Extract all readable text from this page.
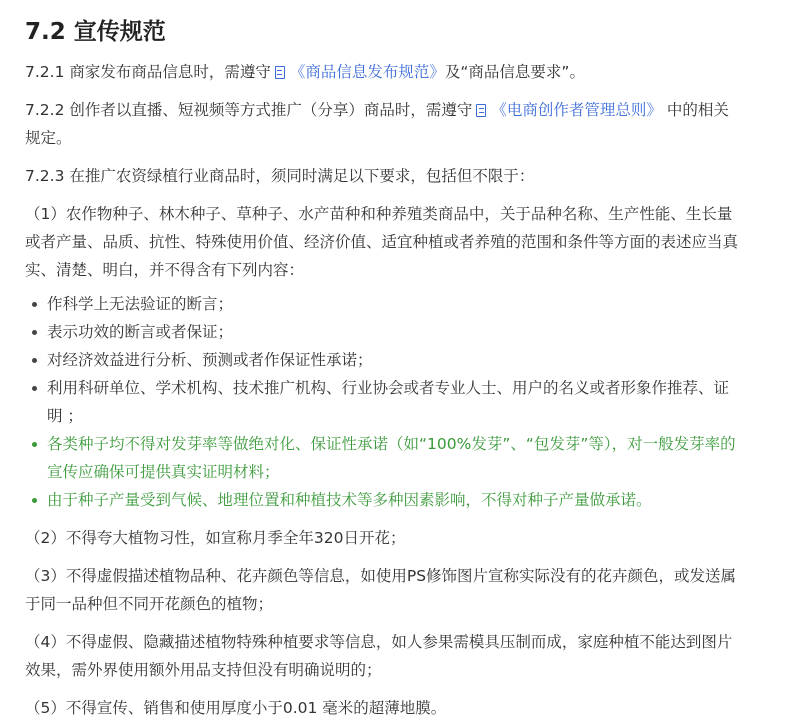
7.2 宣传规范

7.2.1 商家发布商品信息时，需遵守 《商品信息发布规范》及“商品信息要求”。

7.2.2 创作者以直播、短视频等方式推广（分享）商品时，需遵守 《电商创作者管理总则》 中的相关规定。

7.2.3 在推广农资绿植行业商品时，须同时满足以下要求，包括但不限于：

（1）农作物种子、林木种子、草种子、水产苗种和种养殖类商品中，关于品种名称、生产性能、生长量或者产量、品质、抗性、特殊使用价值、经济价值、适宜种植或者养殖的范围和条件等方面的表述应当真实、清楚、明白，并不得含有下列内容：

作科学上无法验证的断言；
表示功效的断言或者保证；
对经济效益进行分析、预测或者作保证性承诺；
利用科研单位、学术机构、技术推广机构、行业协会或者专业人士、用户的名义或者形象作推荐、证明 ；
各类种子均不得对发芽率等做绝对化、保证性承诺（如“100%发芽”、“包发芽”等），对一般发芽率的宣传应确保可提供真实证明材料；
由于种子产量受到气候、地理位置和种植技术等多种因素影响，不得对种子产量做承诺。

（2）不得夸大植物习性，如宣称月季全年320日开花；

（3）不得虚假描述植物品种、花卉颜色等信息，如使用PS修饰图片宣称实际没有的花卉颜色，或发送属于同一品种但不同开花颜色的植物；

（4）不得虚假、隐藏描述植物特殊种植要求等信息，如人参果需模具压制而成，家庭种植不能达到图片效果，需外界使用额外用品支持但没有明确说明的；

（5）不得宣传、销售和使用厚度小于0.01 毫米的超薄地膜。
